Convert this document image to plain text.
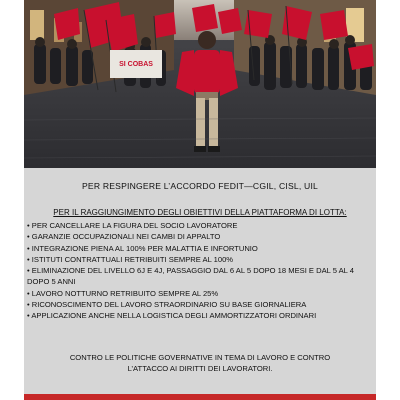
SI COBAS
PER RESPINGERE L’ACCORDO FEDIT—CGIL, CISL, UIL
PER IL RAGGIUNGIMENTO DEGLI OBIETTIVI DELLA PIATTAFORMA DI LOTTA:
• PER CANCELLARE LA FIGURA DEL SOCIO LAVORATORE
• GARANZIE OCCUPAZIONALI NEI CAMBI DI APPALTO
• INTEGRAZIONE PIENA AL 100% PER MALATTIA E INFORTUNIO
• ISTITUTI CONTRATTUALI RETRIBUITI SEMPRE AL 100%
• ELIMINAZIONE DEL LIVELLO 6J E 4J, PASSAGGIO DAL 6 AL 5 DOPO 18 MESI E DAL 5 AL 4 DOPO 5 ANNI
• LAVORO NOTTURNO RETRIBUITO SEMPRE AL 25%
• RICONOSCIMENTO DEL LAVORO STRAORDINARIO SU BASE GIORNALIERA
• APPLICAZIONE ANCHE NELLA LOGISTICA DEGLI AMMORTIZZATORI ORDINARI
CONTRO LE POLITICHE GOVERNATIVE IN TEMA DI LAVORO E CONTRO L’ATTACCO AI DIRITTI DEI LAVORATORI.
